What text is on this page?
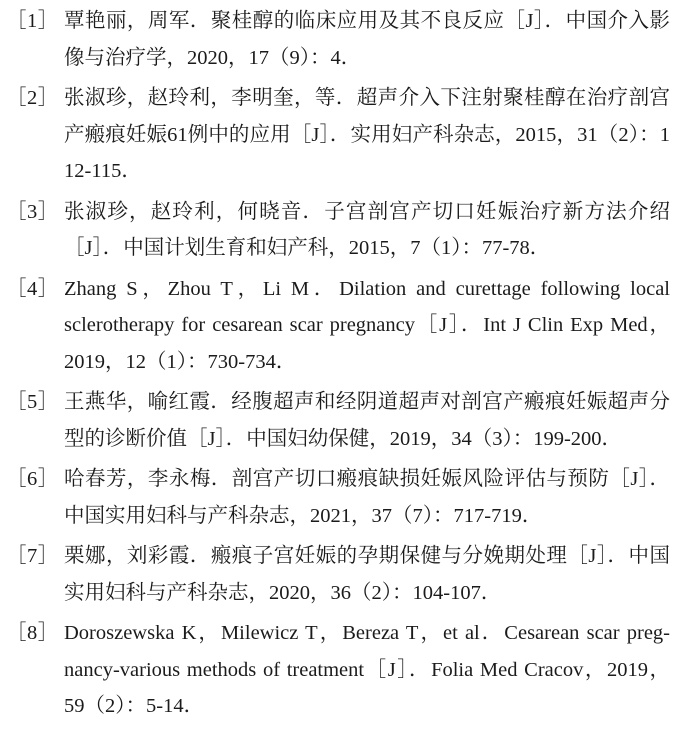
［1］ 覃艳丽，周军．聚桂醇的临床应用及其不良反应［J］．中国介入影像与治疗学，2020，17（9）：4．
［2］ 张淑珍，赵玲利，李明奎，等．超声介入下注射聚桂醇在治疗剖宫产瘢痕妊娠61例中的应用［J］．实用妇产科杂志，2015，31（2）：112-115．
［3］ 张淑珍，赵玲利，何晓音．子宫剖宫产切口妊娠治疗新方法介绍［J］．中国计划生育和妇产科，2015，7（1）：77-78．
［4］ Zhang S，Zhou T，Li M．Dilation and curettage following local sclerotherapy for cesarean scar pregnancy［J］．Int J Clin Exp Med，2019，12（1）：730-734．
［5］ 王燕华，喻红霞．经腹超声和经阴道超声对剖宫产瘢痕妊娠超声分型的诊断价值［J］．中国妇幼保健，2019，34（3）：199-200．
［6］ 哈春芳，李永梅．剖宫产切口瘢痕缺损妊娠风险评估与预防［J］．中国实用妇科与产科杂志，2021，37（7）：717-719．
［7］ 栗娜，刘彩霞．瘢痕子宫妊娠的孕期保健与分娩期处理［J］．中国实用妇科与产科杂志，2020，36（2）：104-107．
［8］ Doroszewska K，Milewicz T，Bereza T，et al．Cesarean scar pregnancy-various methods of treatment［J］．Folia Med Cracov，2019，59（2）：5-14．
